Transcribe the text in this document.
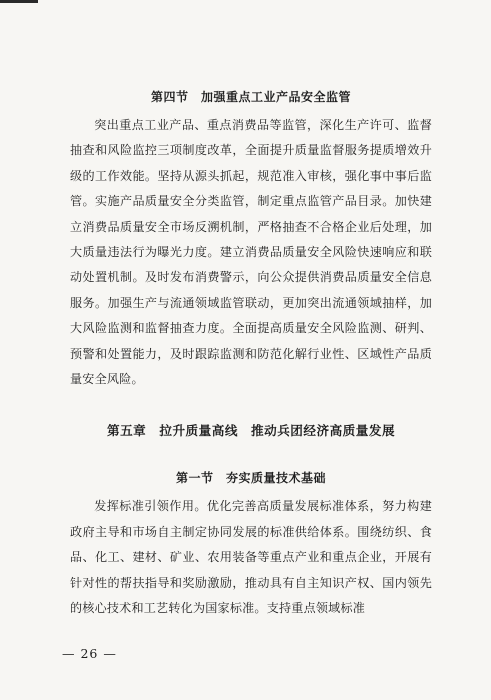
第四节　加强重点工业产品安全监管

突出重点工业产品、重点消费品等监管，深化生产许可、监督抽查和风险监控三项制度改革，全面提升质量监督服务提质增效升级的工作效能。坚持从源头抓起，规范准入审核，强化事中事后监管。实施产品质量安全分类监管，制定重点监管产品目录。加快建立消费品质量安全市场反溯机制，严格抽查不合格企业后处理，加大质量违法行为曝光力度。建立消费品质量安全风险快速响应和联动处置机制。及时发布消费警示，向公众提供消费品质量安全信息服务。加强生产与流通领域监管联动，更加突出流通领域抽样，加大风险监测和监督抽查力度。全面提高质量安全风险监测、研判、预警和处置能力，及时跟踪监测和防范化解行业性、区域性产品质量安全风险。

第五章　拉升质量高线　推动兵团经济高质量发展
第一节　夯实质量技术基础

发挥标准引领作用。优化完善高质量发展标准体系，努力构建政府主导和市场自主制定协同发展的标准供给体系。围绕纺织、食品、化工、建材、矿业、农用装备等重点产业和重点企业，开展有针对性的帮扶指导和奖励激励，推动具有自主知识产权、国内领先的核心技术和工艺转化为国家标准。支持重点领域标准

— 26 —
